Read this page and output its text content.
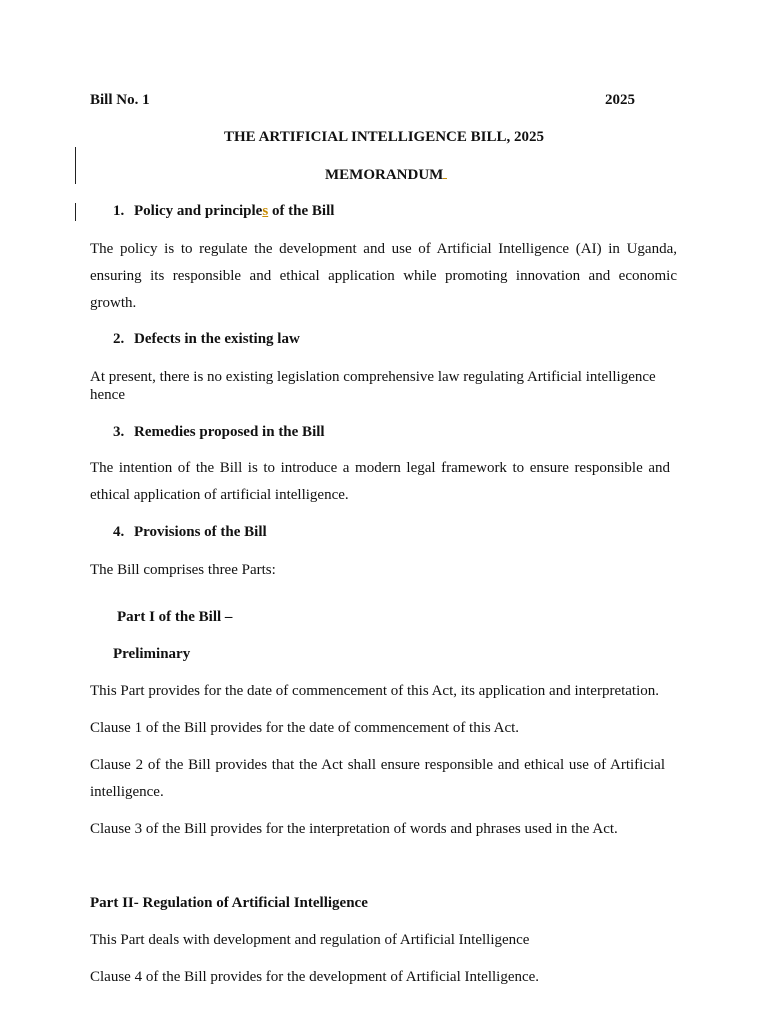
Bill No. 1	2025
THE ARTIFICIAL INTELLIGENCE BILL, 2025
MEMORANDUM
1. Policy and principles of the Bill
The policy is to regulate the development and use of Artificial Intelligence (AI) in Uganda, ensuring its responsible and ethical application while promoting innovation and economic growth.
2. Defects in the existing law
At present, there is no existing legislation comprehensive law regulating Artificial intelligence hence
3. Remedies proposed in the Bill
The intention of the Bill is to introduce a modern legal framework to ensure responsible and ethical application of artificial intelligence.
4. Provisions of the Bill
The Bill comprises three Parts:
Part I of the Bill –
Preliminary
This Part provides for the date of commencement of this Act, its application and interpretation.
Clause 1 of the Bill provides for the date of commencement of this Act.
Clause 2 of the Bill provides that the Act shall ensure responsible and ethical use of Artificial intelligence.
Clause 3 of the Bill provides for the interpretation of words and phrases used in the Act.
Part II- Regulation of Artificial Intelligence
This Part deals with development and regulation of Artificial Intelligence
Clause 4 of the Bill provides for the development of Artificial Intelligence.
